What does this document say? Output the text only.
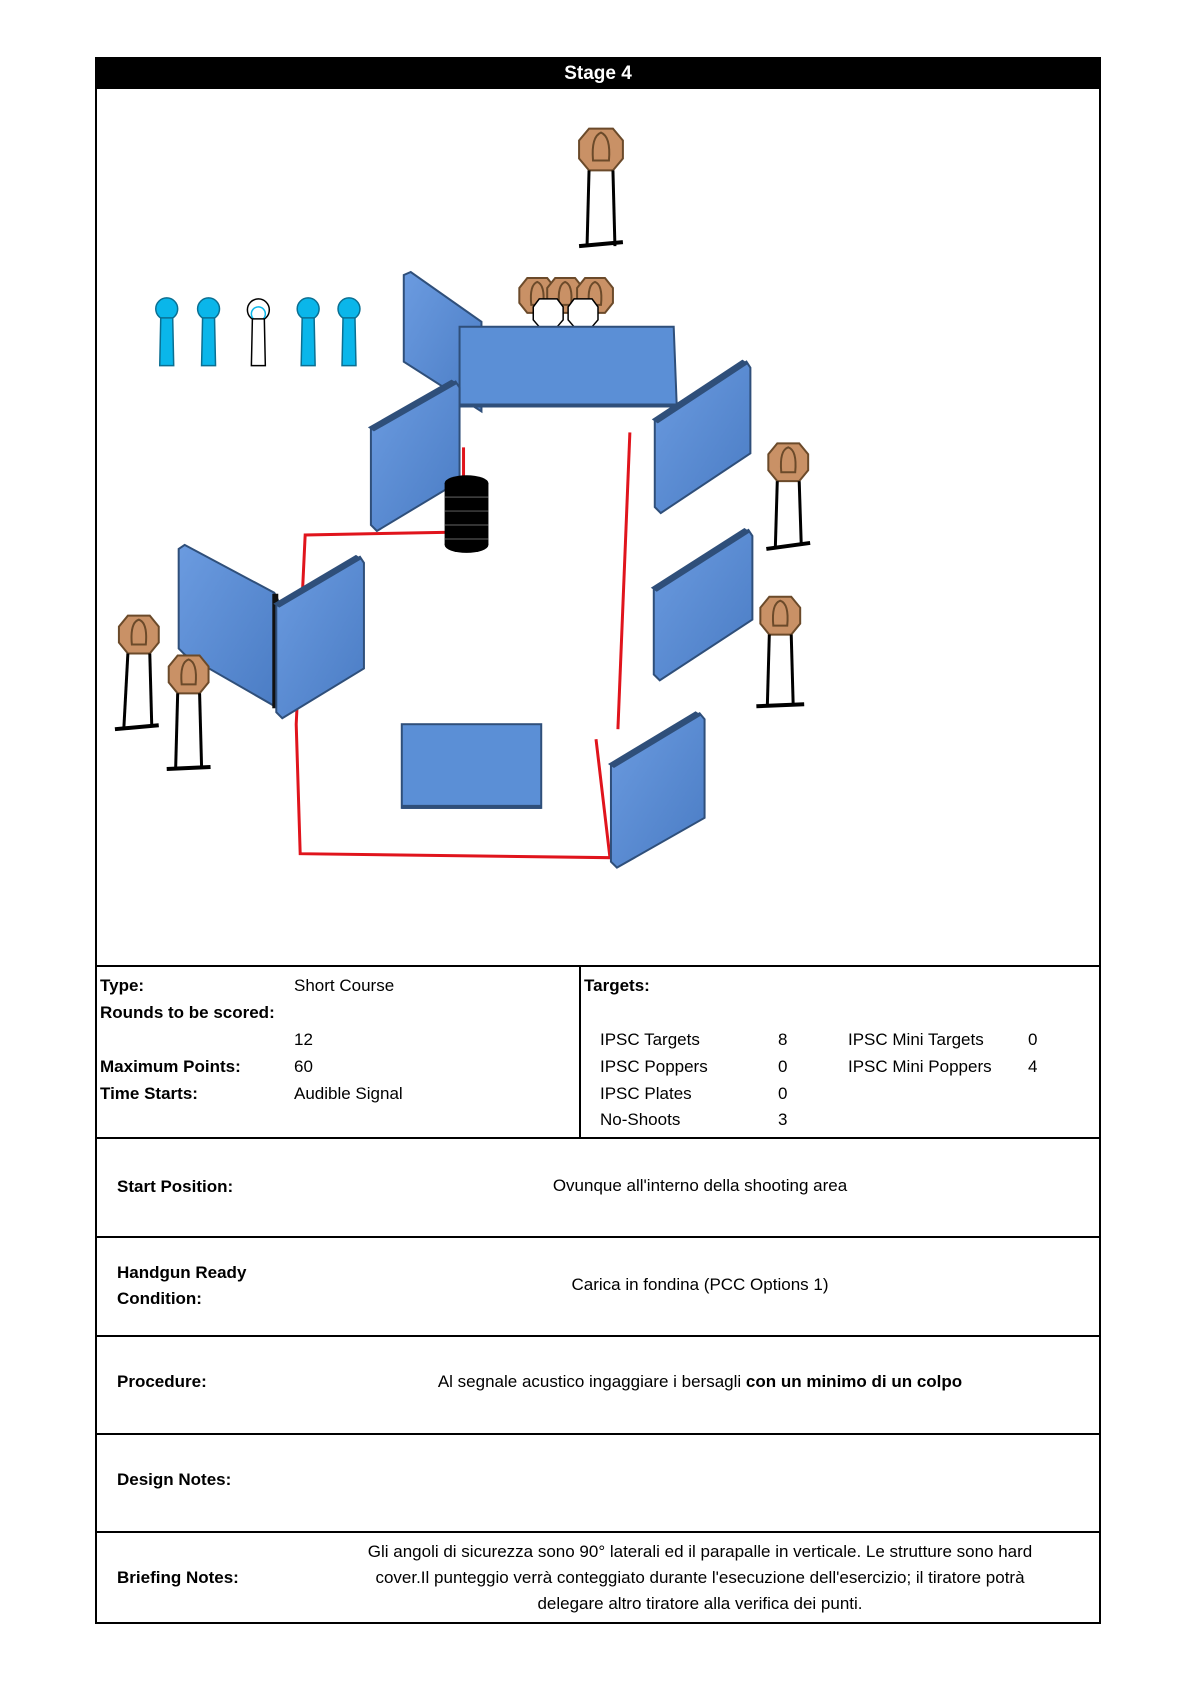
Stage 4
Type:	Short Course
Rounds to be scored:
12
Maximum Points:	60
Time Starts:	Audible Signal
Targets:
IPSC Targets	8
IPSC Poppers	0
IPSC Plates	0
No-Shoots	3
IPSC Mini Targets	0
IPSC Mini Poppers 4
Start Position:	Ovunque all'interno della shooting area
Handgun Ready
Condition:
Carica in fondina (PCC Options 1)
Procedure:	Al segnale acustico ingaggiare i bersagli con un minimo di un colpo
Design Notes:
Briefing Notes:
Gli angoli di sicurezza sono 90° laterali ed il parapalle in verticale. Le strutture sono hard
cover.Il punteggio verrà conteggiato durante l'esecuzione dell'esercizio; il tiratore potrà
delegare altro tiratore alla verifica dei punti.
